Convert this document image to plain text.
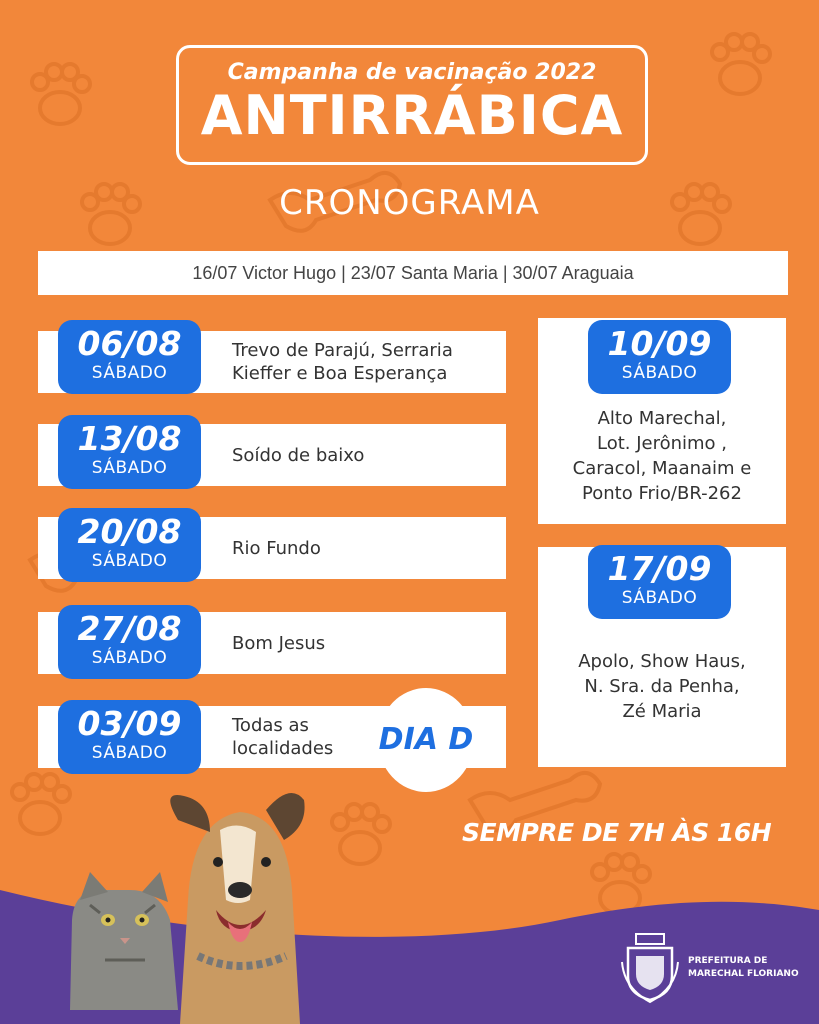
Campanha de vacinação 2022
ANTIRRÁBICA
CRONOGRAMA
16/07 Victor Hugo | 23/07 Santa Maria | 30/07 Araguaia
Trevo de Parajú, Serraria
Kieffer e Boa Esperança
06/08
SÁBADO
Soído de baixo
13/08
SÁBADO
Rio Fundo
20/08
SÁBADO
Bom Jesus
27/08
SÁBADO
Todas as
localidades
03/09
SÁBADO	DIA D
Alto Marechal,
Lot. Jerônimo ,
Caracol, Maanaim e
Ponto Frio/BR-262
10/09
SÁBADO
Apolo, Show Haus,
N. Sra. da Penha,
Zé Maria
17/09
SÁBADO
SEMPRE DE 7H ÀS 16H
PREFEITURA DE
MARECHAL FLORIANO
